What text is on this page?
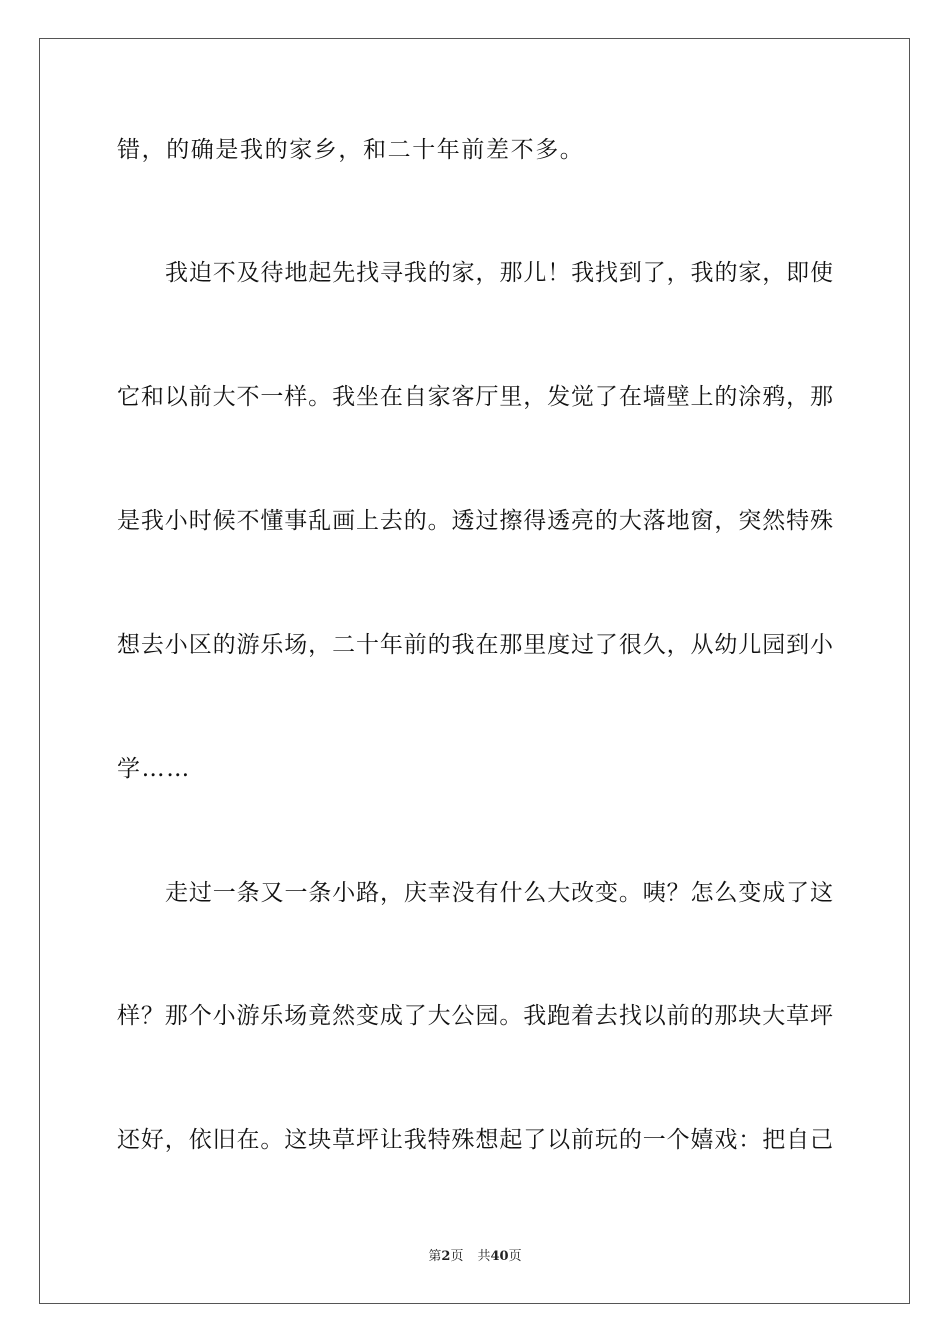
错，的确是我的家乡，和二十年前差不多。
我迫不及待地起先找寻我的家，那儿！我找到了，我的家，即使
它和以前大不一样。我坐在自家客厅里，发觉了在墙壁上的涂鸦，那
是我小时候不懂事乱画上去的。透过擦得透亮的大落地窗，突然特殊
想去小区的游乐场，二十年前的我在那里度过了很久，从幼儿园到小
学……
走过一条又一条小路，庆幸没有什么大改变。咦？怎么变成了这
样？那个小游乐场竟然变成了大公园。我跑着去找以前的那块大草坪
还好，依旧在。这块草坪让我特殊想起了以前玩的一个嬉戏：把自己
第2页 共40页
